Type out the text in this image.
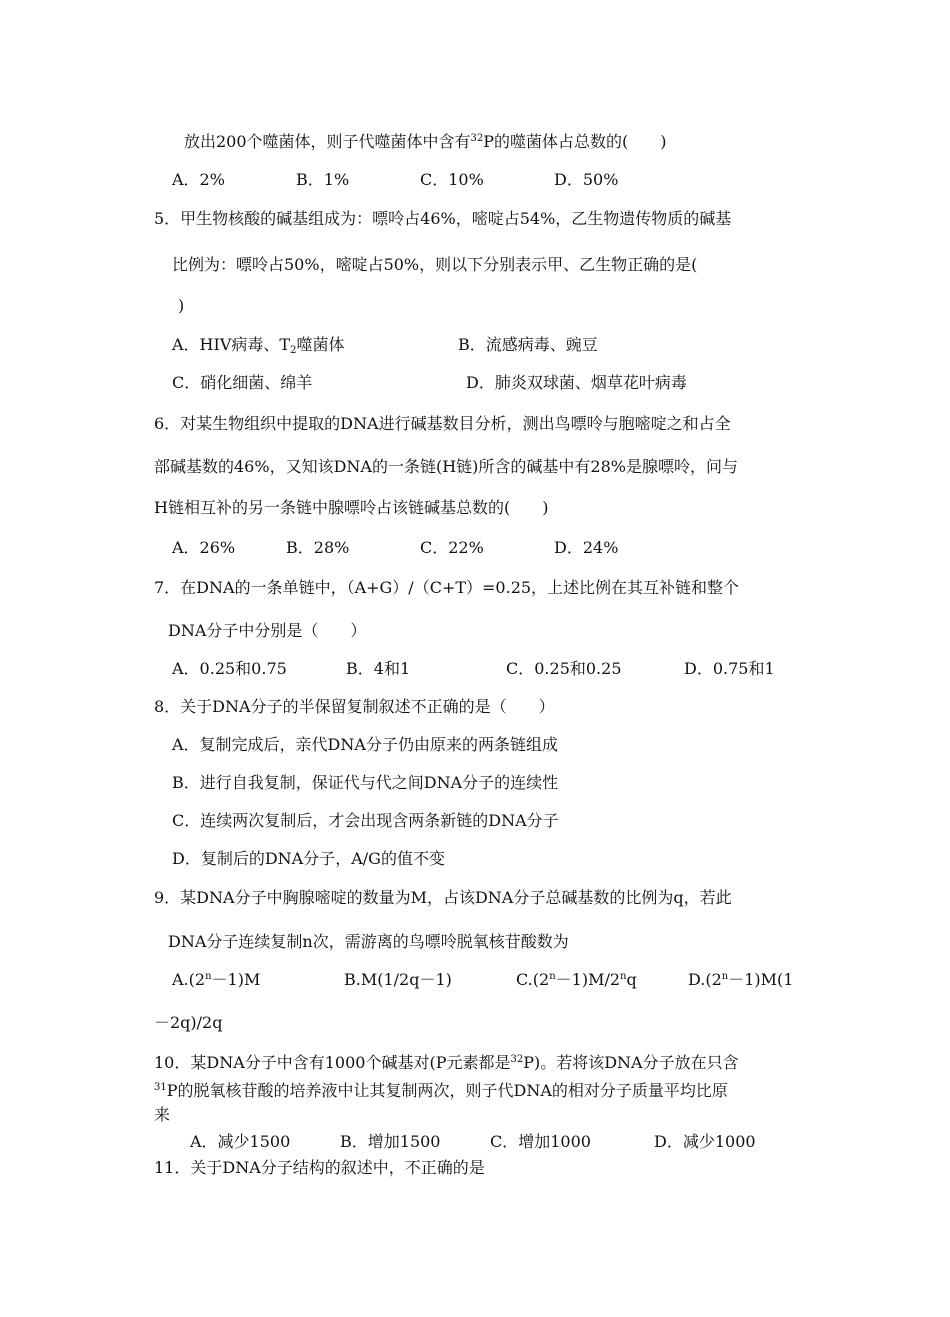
放出200个噬菌体，则子代噬菌体中含有$^{32}$P的噬菌体占总数的(　　)
A．2%	B．1%	C．10%	D．50%
5．甲生物核酸的碱基组成为：嘌呤占46%，嘧啶占54%，乙生物遗传物质的碱基
比例为：嘌呤占50%，嘧啶占50%，则以下分别表示甲、乙生物正确的是(
)
A．HIV病毒、$T_2$噬菌体	B．流感病毒、豌豆
C．硝化细菌、绵羊	D．肺炎双球菌、烟草花叶病毒
6．对某生物组织中提取的DNA进行碱基数目分析，测出鸟嘌呤与胞嘧啶之和占全
部碱基数的46%，又知该DNA的一条链(H链)所含的碱基中有28%是腺嘌呤，问与
H链相互补的另一条链中腺嘌呤占该链碱基总数的(　　)
A．26%	B．28%	C．22%	D．24%
7．在DNA的一条单链中，（A+G）/（C+T）=0.25，上述比例在其互补链和整个
DNA分子中分别是（　　）
A．0.25和0.75	B．4和1	C．0.25和0.25	D．0.75和1
8．关于DNA分子的半保留复制叙述不正确的是（　　）
A．复制完成后，亲代DNA分子仍由原来的两条链组成
B．进行自我复制，保证代与代之间DNA分子的连续性
C．连续两次复制后，才会出现含两条新链的DNA分子
D．复制后的DNA分子，A/G的值不变
9．某DNA分子中胸腺嘧啶的数量为M，占该DNA分子总碱基数的比例为q，若此
DNA分子连续复制n次，需游离的鸟嘌呤脱氧核苷酸数为
$A.(2^n-1)M$	B.M(1/2q－1)	$C.(2^n-1)M/2^nq$	$D.(2^n-1)M(1$
－2q)/2q
10．某DNA分子中含有1000个碱基对(P元素都是$^{32}$P)。若将该DNA分子放在只含
$^{31}$P的脱氧核苷酸的培养液中让其复制两次，则子代DNA的相对分子质量平均比原
来
A．减少1500	B．增加1500	C．增加1000	D．减少1000
11．关于DNA分子结构的叙述中，不正确的是
